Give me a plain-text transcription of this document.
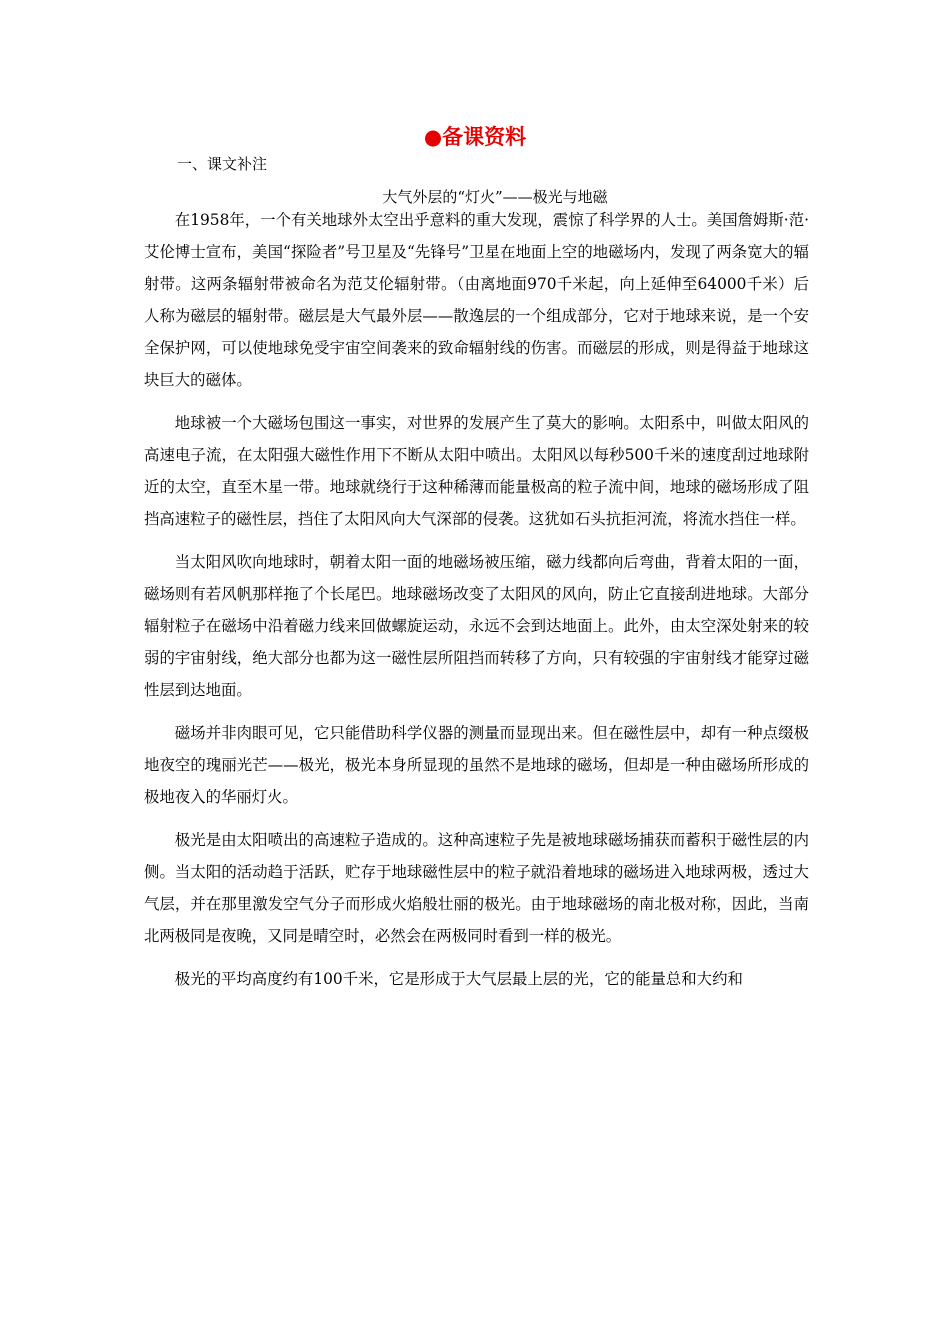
●备课资料
一、课文补注
大气外层的“灯火”——极光与地磁

在1958年，一个有关地球外太空出乎意料的重大发现，震惊了科学界的人士。美国詹姆斯·范·艾伦博士宣布，美国“探险者”号卫星及“先锋号”卫星在地面上空的地磁场内，发现了两条宽大的辐射带。这两条辐射带被命名为范艾伦辐射带。（由离地面970千米起，向上延伸至64000千米）后人称为磁层的辐射带。磁层是大气最外层——散逸层的一个组成部分，它对于地球来说，是一个安全保护网，可以使地球免受宇宙空间袭来的致命辐射线的伤害。而磁层的形成，则是得益于地球这块巨大的磁体。

地球被一个大磁场包围这一事实，对世界的发展产生了莫大的影响。太阳系中，叫做太阳风的高速电子流，在太阳强大磁性作用下不断从太阳中喷出。太阳风以每秒500千米的速度刮过地球附近的太空，直至木星一带。地球就绕行于这种稀薄而能量极高的粒子流中间，地球的磁场形成了阻挡高速粒子的磁性层，挡住了太阳风向大气深部的侵袭。这犹如石头抗拒河流，将流水挡住一样。

当太阳风吹向地球时，朝着太阳一面的地磁场被压缩，磁力线都向后弯曲，背着太阳的一面，磁场则有若风帆那样拖了个长尾巴。地球磁场改变了太阳风的风向，防止它直接刮进地球。大部分辐射粒子在磁场中沿着磁力线来回做螺旋运动，永远不会到达地面上。此外，由太空深处射来的较弱的宇宙射线，绝大部分也都为这一磁性层所阻挡而转移了方向，只有较强的宇宙射线才能穿过磁性层到达地面。

磁场并非肉眼可见，它只能借助科学仪器的测量而显现出来。但在磁性层中，却有一种点缀极地夜空的瑰丽光芒——极光，极光本身所显现的虽然不是地球的磁场，但却是一种由磁场所形成的极地夜入的华丽灯火。

极光是由太阳喷出的高速粒子造成的。这种高速粒子先是被地球磁场捕获而蓄积于磁性层的内侧。当太阳的活动趋于活跃，贮存于地球磁性层中的粒子就沿着地球的磁场进入地球两极，透过大气层，并在那里激发空气分子而形成火焰般壮丽的极光。由于地球磁场的南北极对称，因此，当南北两极同是夜晚，又同是晴空时，必然会在两极同时看到一样的极光。

极光的平均高度约有100千米，它是形成于大气层最上层的光，它的能量总和大约和
